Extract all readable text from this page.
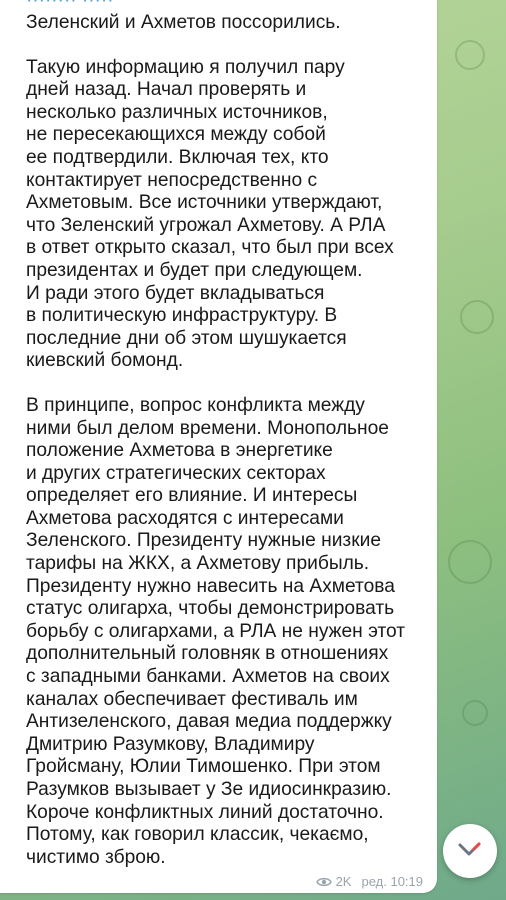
········ ·····

Зеленский и Ахметов поссорились.

Такую информацию я получил пару
дней назад. Начал проверять и
несколько различных источников,
не пересекающихся между собой
ее подтвердили. Включая тех, кто
контактирует непосредственно с
Ахметовым. Все источники утверждают,
что Зеленский угрожал Ахметову. А РЛА
в ответ открыто сказал, что был при всех
президентах и будет при следующем.
И ради этого будет вкладываться
в политическую инфраструктуру. В
последние дни об этом шушукается
киевский бомонд.

В принципе, вопрос конфликта между
ними был делом времени. Монопольное
положение Ахметова в энергетике
и других стратегических секторах
определяет его влияние. И интересы
Ахметова расходятся с интересами
Зеленского. Президенту нужные низкие
тарифы на ЖКХ, а Ахметову прибыль.
Президенту нужно навесить на Ахметова
статус олигарха, чтобы демонстрировать
борьбу с олигархами, а РЛА не нужен этот
дополнительный головняк в отношениях
с западными банками. Ахметов на своих
каналах обеспечивает фестиваль им
Антизеленского, давая медиа поддержку
Дмитрию Разумкову, Владимиру
Гройсману, Юлии Тимошенко. При этом
Разумков вызывает у Зе идиосинкразию.
Короче конфликтных линий достаточно.
Потому, как говорил классик, чекаємо,
чистимо зброю.

2K ред. 10:19
